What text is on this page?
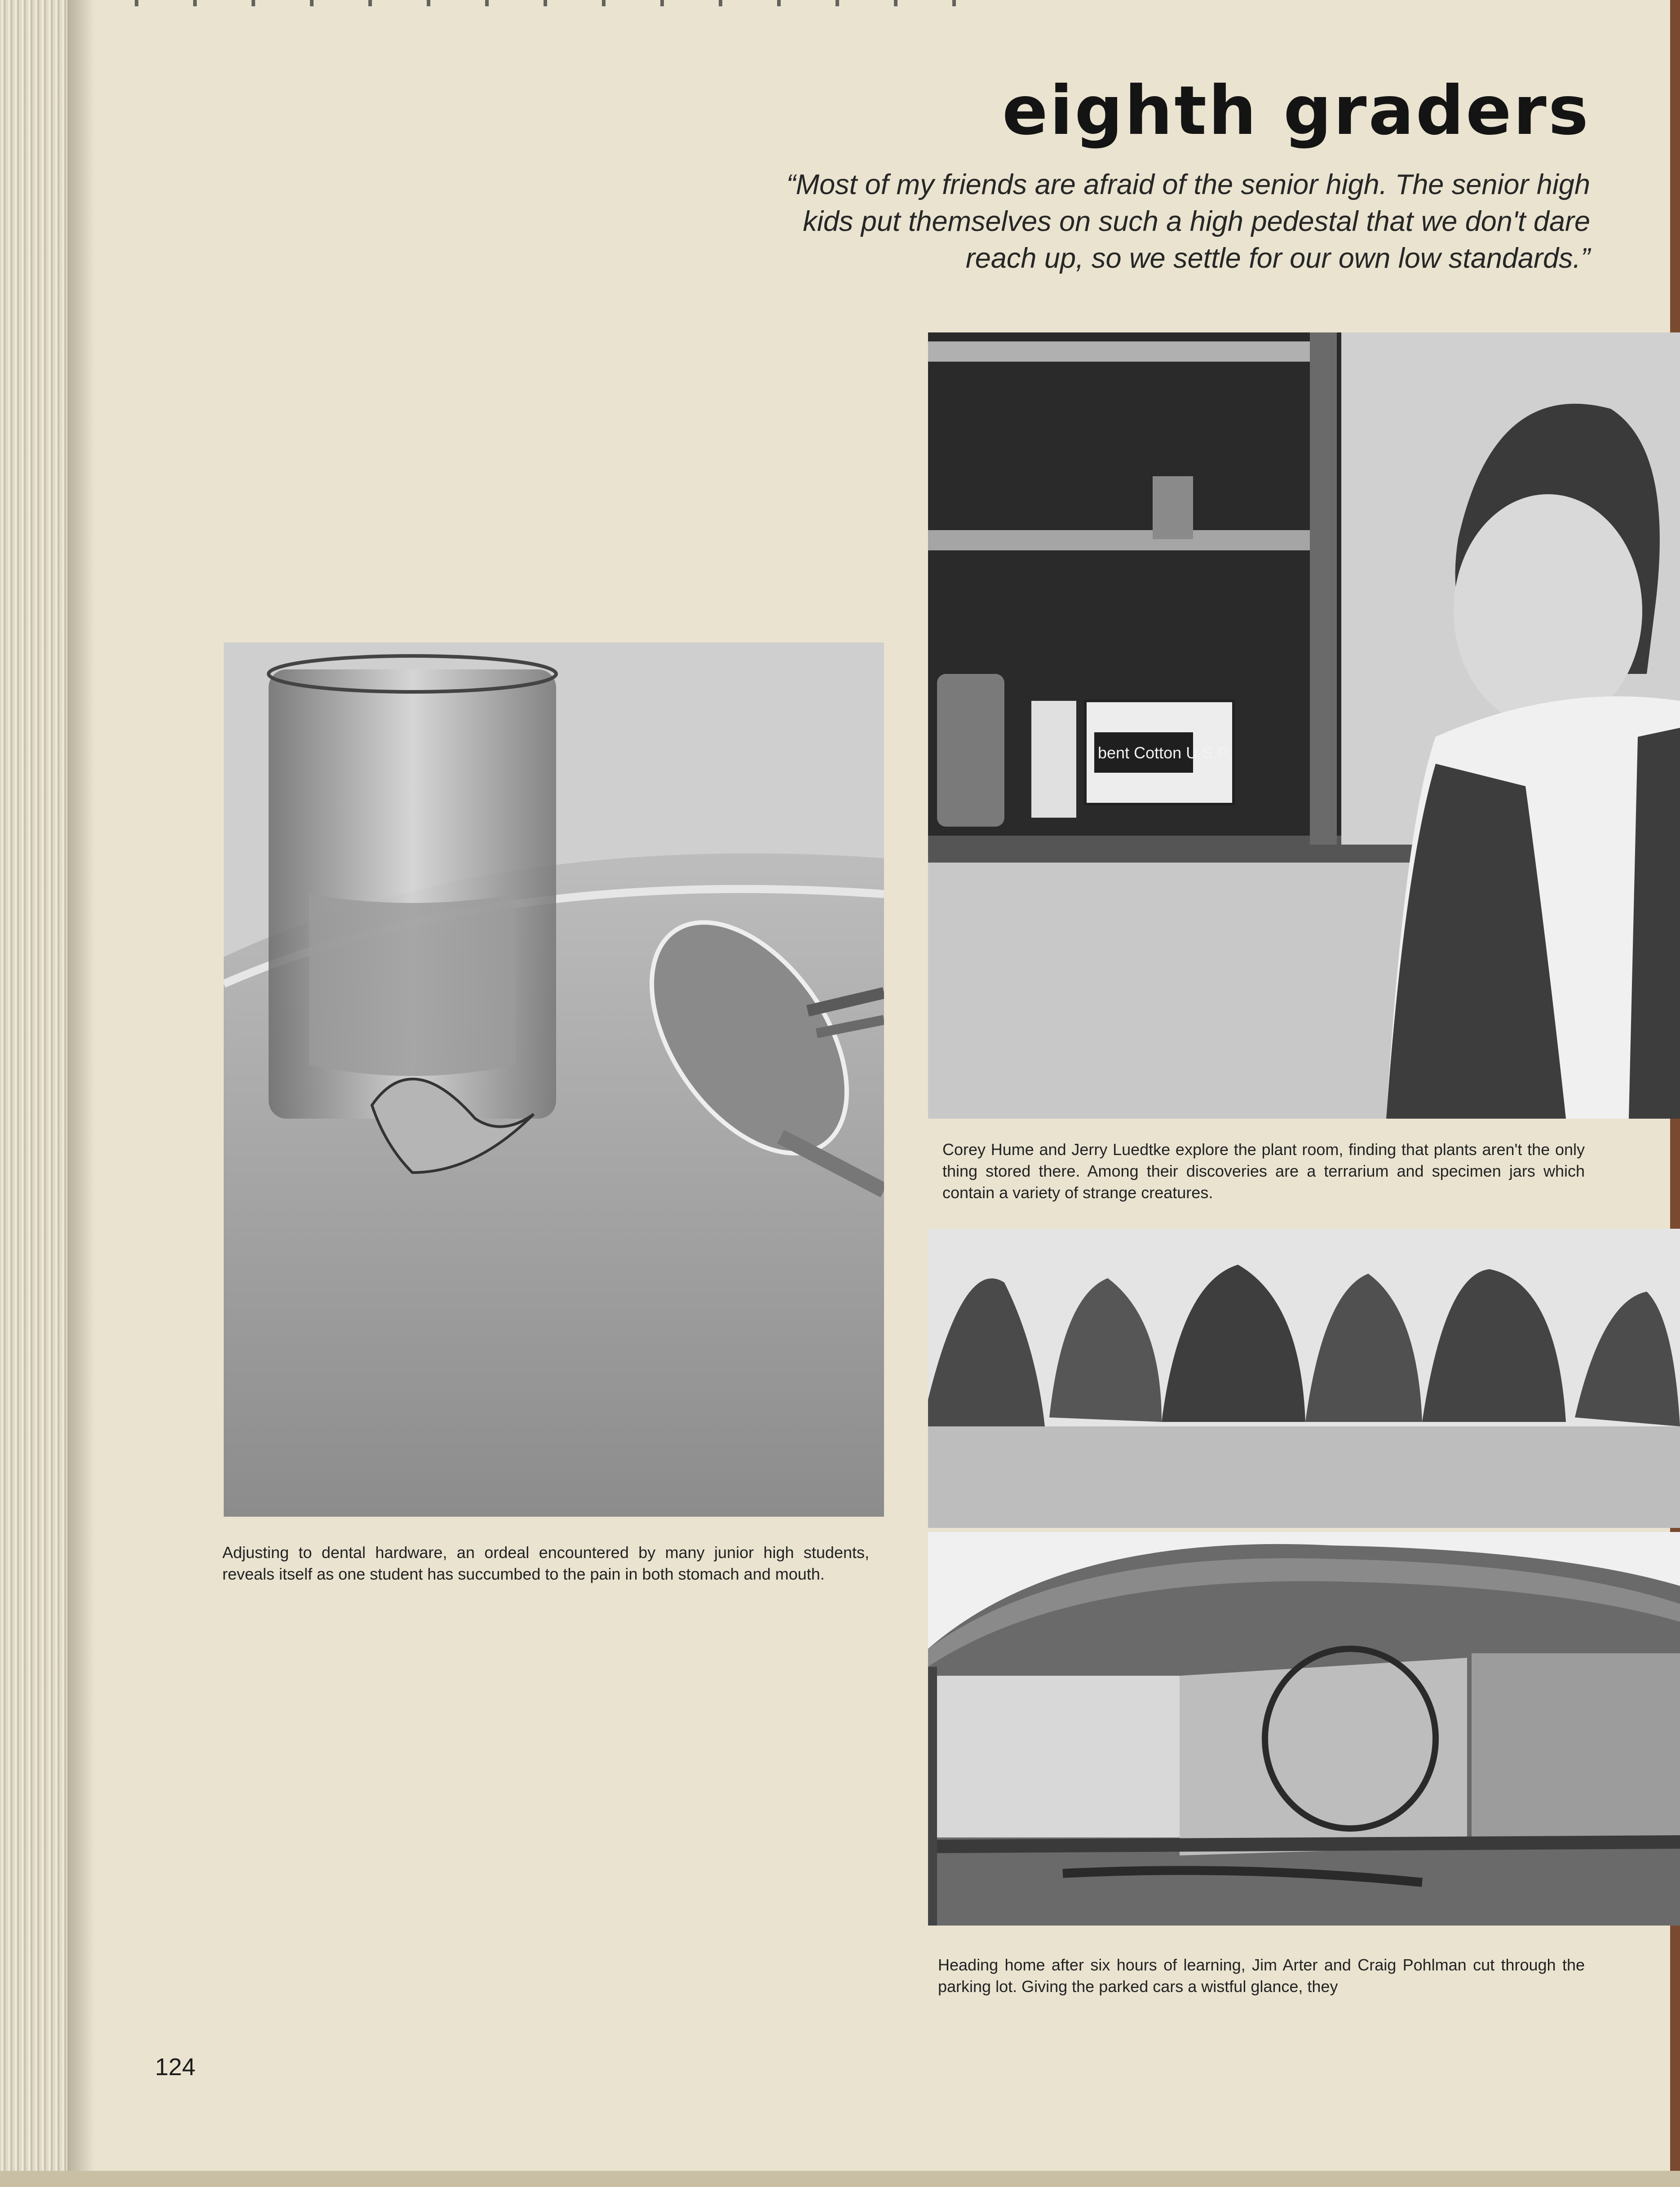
eighth graders

“Most of my friends are afraid of the senior high. The senior high kids put themselves on such a high pedestal that we don't dare reach up, so we settle for our own low standards.”

Adjusting to dental hardware, an ordeal encountered by many junior high students, reveals itself as one student has succumbed to the pain in both stomach and mouth.

bent Cotton U.S.P.

Corey Hume and Jerry Luedtke explore the plant room, finding that plants aren't the only thing stored there. Among their discoveries are a terrarium and specimen jars which contain a variety of strange creatures.

Heading home after six hours of learning, Jim Arter and Craig Pohlman cut through the parking lot. Giving the parked cars a wistful glance, they

124
